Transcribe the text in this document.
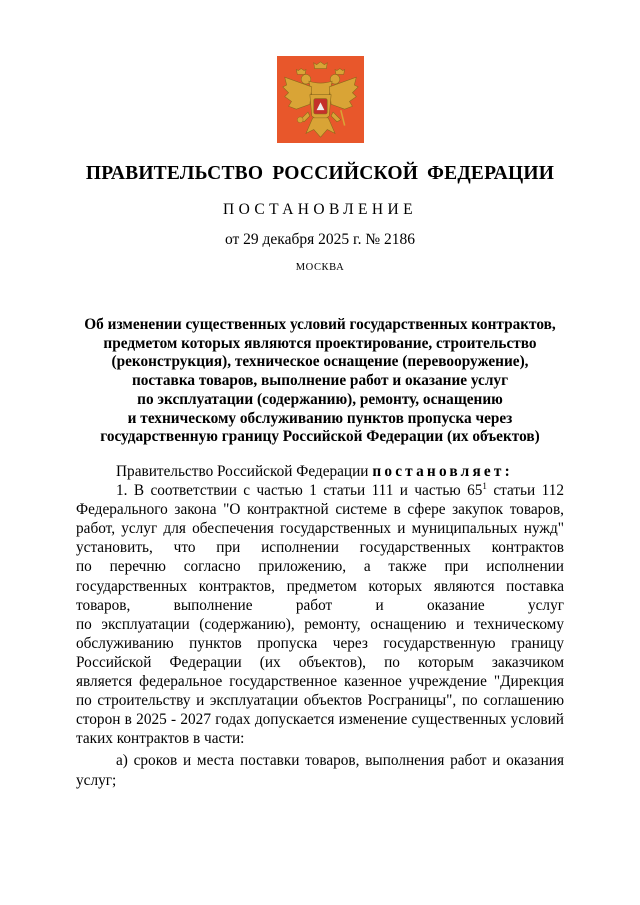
ПРАВИТЕЛЬСТВО РОССИЙСКОЙ ФЕДЕРАЦИИ
ПОСТАНОВЛЕНИЕ
от 29 декабря 2025 г. № 2186
МОСКВА
Об изменении существенных условий государственных контрактов,
предметом которых являются проектирование, строительство
(реконструкция), техническое оснащение (перевооружение),
поставка товаров, выполнение работ и оказание услуг
по эксплуатации (содержанию), ремонту, оснащению
и техническому обслуживанию пунктов пропуска через
государственную границу Российской Федерации (их объектов)
Правительство Российской Федерации постановляет:
1. В соответствии с частью 1 статьи 111 и частью $65^1$ статьи 112
Федерального закона "О контрактной системе в сфере закупок товаров,
работ, услуг для обеспечения государственных и муниципальных нужд"
установить, что при исполнении государственных контрактов
по перечню согласно приложению, а также при исполнении
государственных контрактов, предметом которых являются поставка
товаров, выполнение работ и оказание услуг
по эксплуатации (содержанию), ремонту, оснащению и техническому
обслуживанию пунктов пропуска через государственную границу
Российской Федерации (их объектов), по которым заказчиком
является федеральное государственное казенное учреждение "Дирекция
по строительству и эксплуатации объектов Росграницы", по соглашению
сторон в 2025 - 2027 годах допускается изменение существенных условий
таких контрактов в части:
а) сроков и места поставки товаров, выполнения работ и оказания
услуг;
